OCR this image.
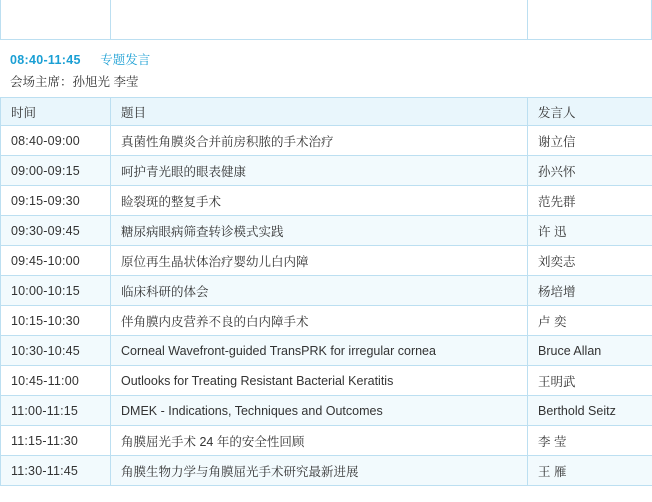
08:40-11:45 专题发言
会场主席：孙旭光 李莹
时间	题目	发言人
08:40-09:00	真菌性角膜炎合并前房积脓的手术治疗	谢立信
09:00-09:15	呵护青光眼的眼表健康	孙兴怀
09:15-09:30	睑裂斑的整复手术	范先群
09:30-09:45	糖尿病眼病筛查转诊模式实践	许 迅
09:45-10:00	原位再生晶状体治疗婴幼儿白内障	刘奕志
10:00-10:15	临床科研的体会	杨培增
10:15-10:30	伴角膜内皮营养不良的白内障手术	卢 奕
10:30-10:45	Corneal Wavefront-guided TransPRK for irregular cornea	Bruce Allan
10:45-11:00	Outlooks for Treating Resistant Bacterial Keratitis	王明武
11:00-11:15	DMEK - Indications, Techniques and Outcomes	Berthold Seitz
11:15-11:30	角膜屈光手术 24 年的安全性回顾	李 莹
11:30-11:45	角膜生物力学与角膜屈光手术研究最新进展	王 雁
